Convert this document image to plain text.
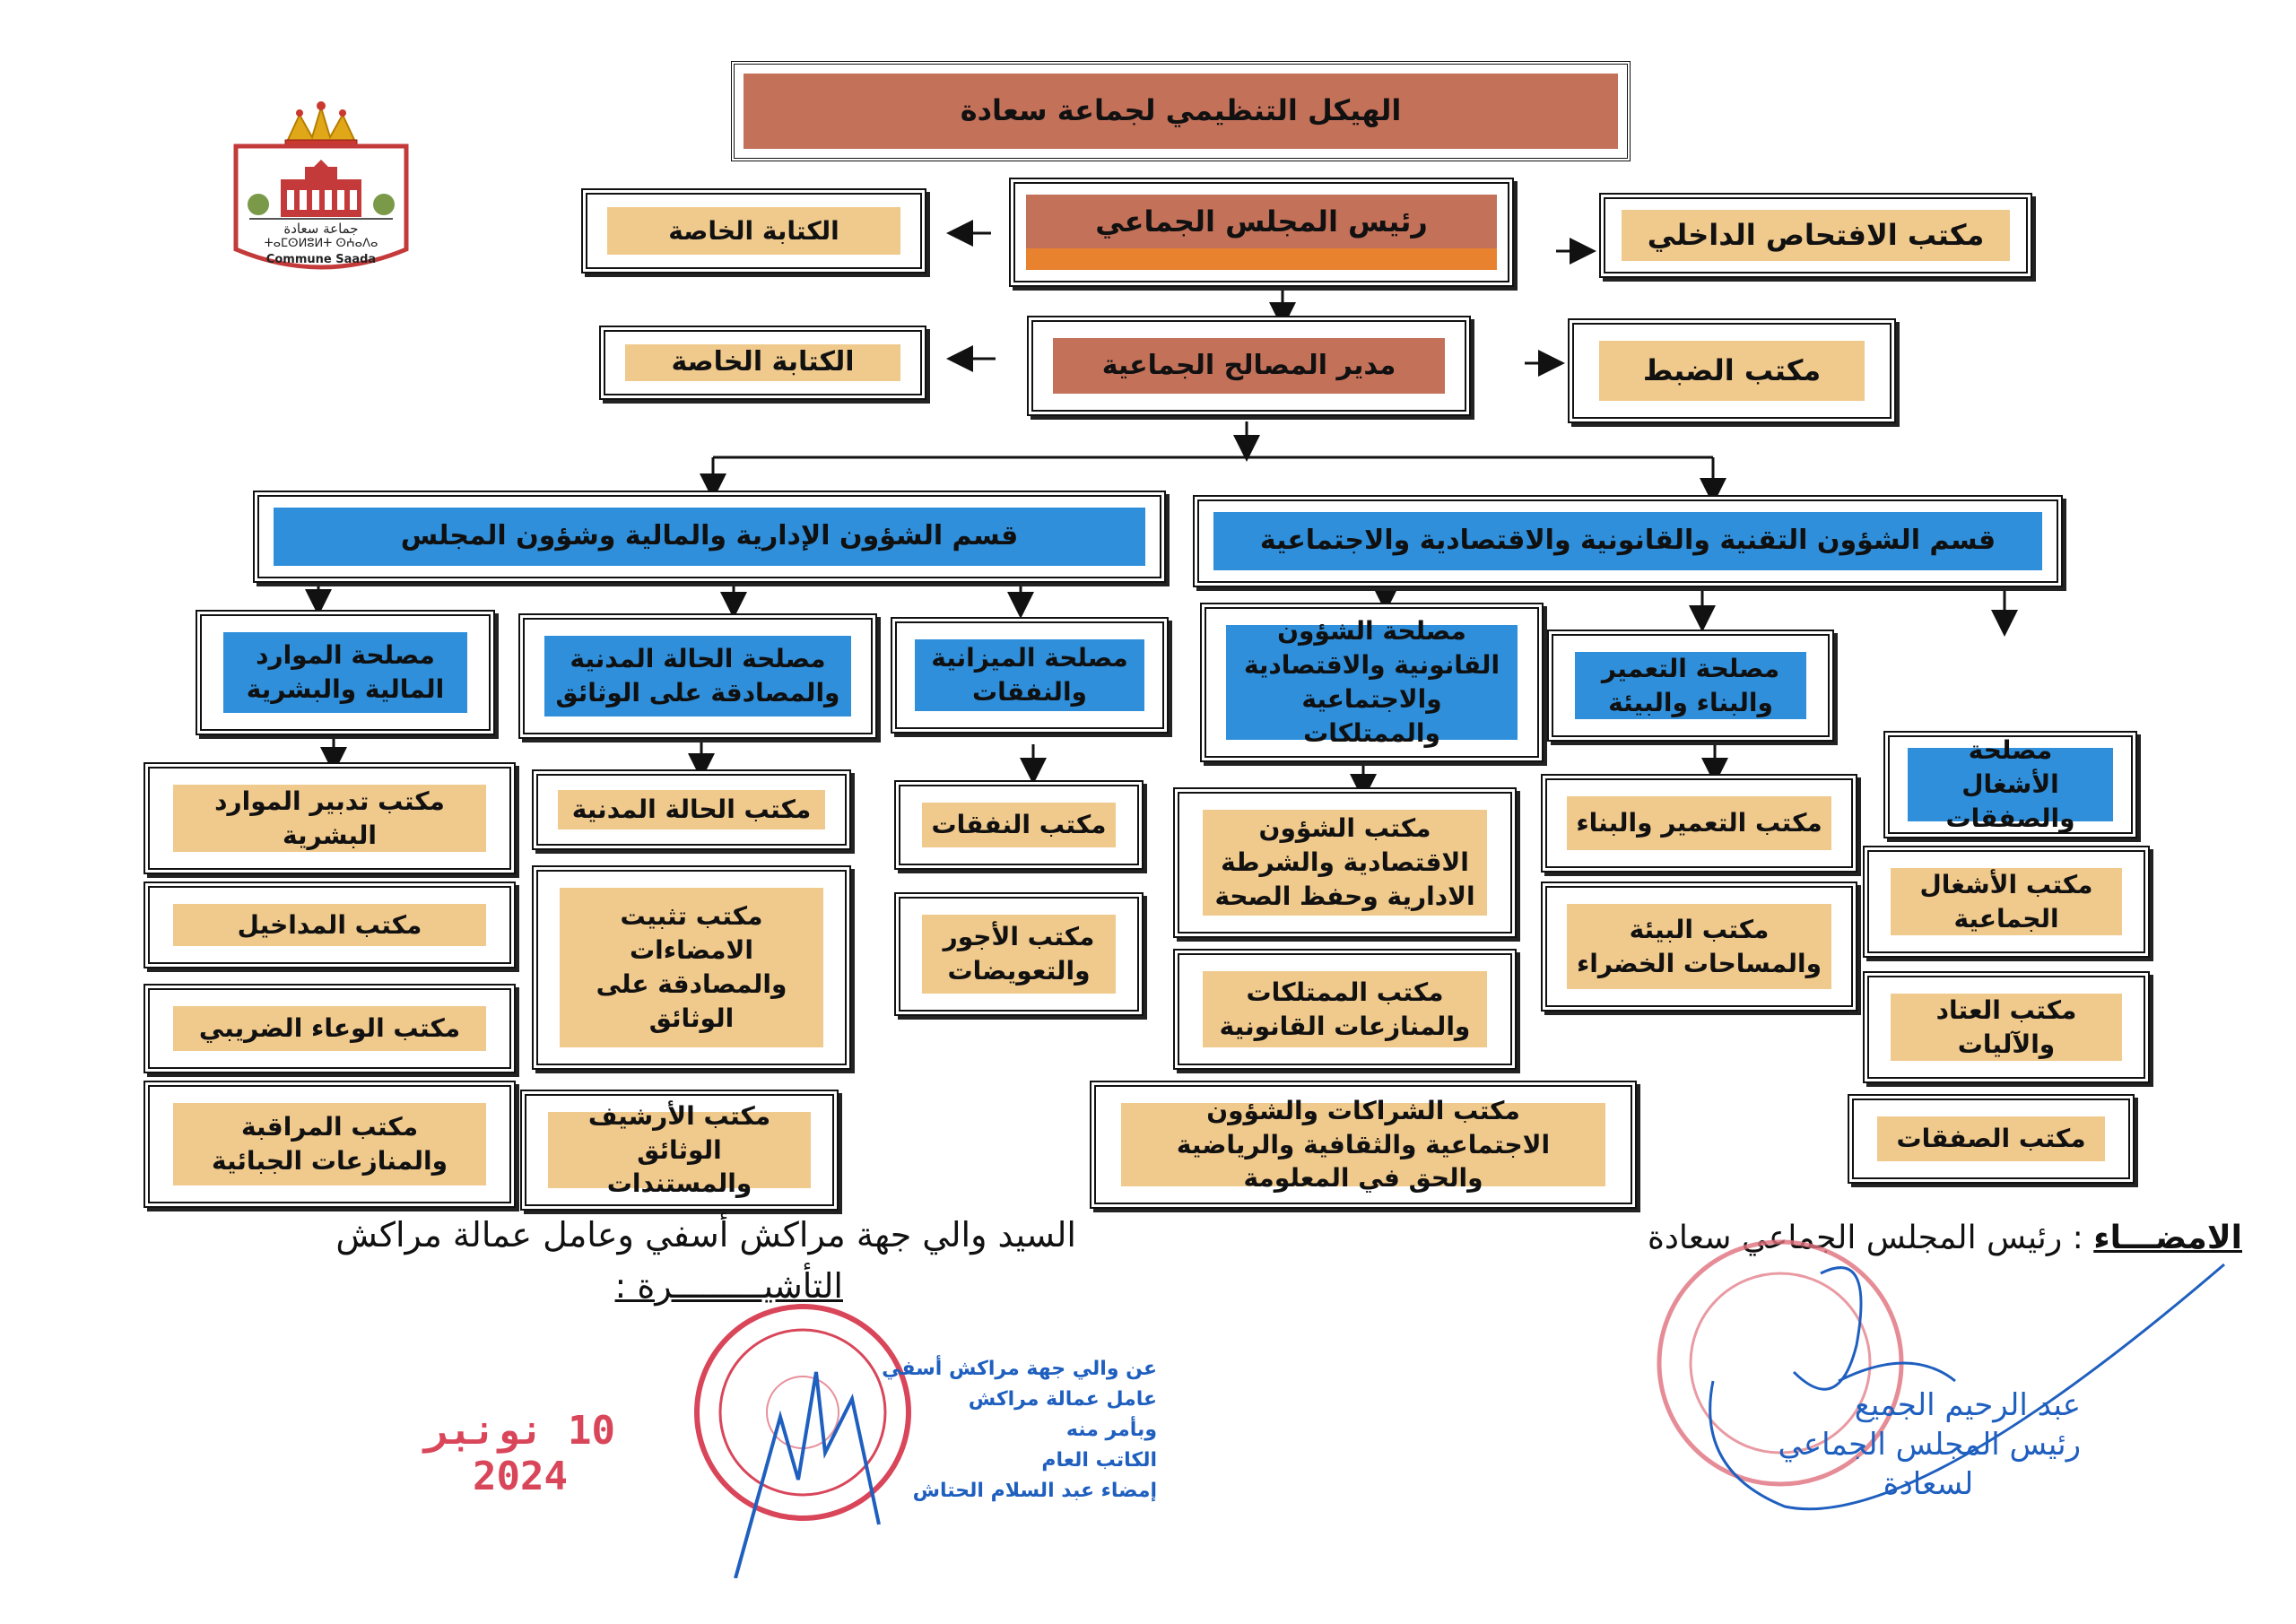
جماعة سعادة
ⵜⴰⵎⵙⵍⵓⵍⵜ ⵙⵄⴰⴷⴰ
Commune Saada
الهيكل التنظيمي لجماعة سعادة
رئيس المجلس الجماعي
الكتابة الخاصة	مكتب الافتحاص الداخلي
مدير المصالح الجماعية
الكتابة الخاصة	مكتب الضبط
قسم الشؤون الإدارية والمالية وشؤون المجلس	قسم الشؤون التقنية والقانونية والاقتصادية والاجتماعية
مصلحة الموارد المالية والبشرية
مصلحة الحالة المدنية والمصادقة على الوثائق
مصلحة الميزانية والنفقات
مصلحة الشؤون القانونية والاقتصادية والاجتماعية والممتلكات
مصلحة التعمير والبناء والبيئة
مصلحة الأشغال والصفقات
مكتب تدبير الموارد البشرية
مكتب المداخيل
مكتب الوعاء الضريبي
مكتب المراقبة والمنازعات الجبائية
مكتب الحالة المدنية
مكتب تثبيت الامضاءات والمصادقة على الوثائق
مكتب الأرشيف الوثائق والمستندات
مكتب النفقات
مكتب الأجور والتعويضات
مكتب الشؤون الاقتصادية والشرطة الادارية وحفظ الصحة
مكتب الممتلكات والمنازعات القانونية
مكتب الشراكات والشؤون الاجتماعية والثقافية والرياضية والحق في المعلومة
مكتب التعمير والبناء
مكتب البيئة والمساحات الخضراء
مكتب الأشغال الجماعية
مكتب العتاد والآليات
مكتب الصفقات
السيد والي جهة مراكش أسفي وعامل عمالة مراكش
التأشيـــــــــرة :
الامضـــاء : رئيس المجلس الجماعي سعادة
عن والي جهة مراكش أسفي
عامل عمالة مراكش
وبأمر منه
الكاتب العام
إمضاء عبد السلام الحتاش
10 نونبر 2024
عبد الرحيم الجميع
رئيس المجلس الجماعي
لسعادة
